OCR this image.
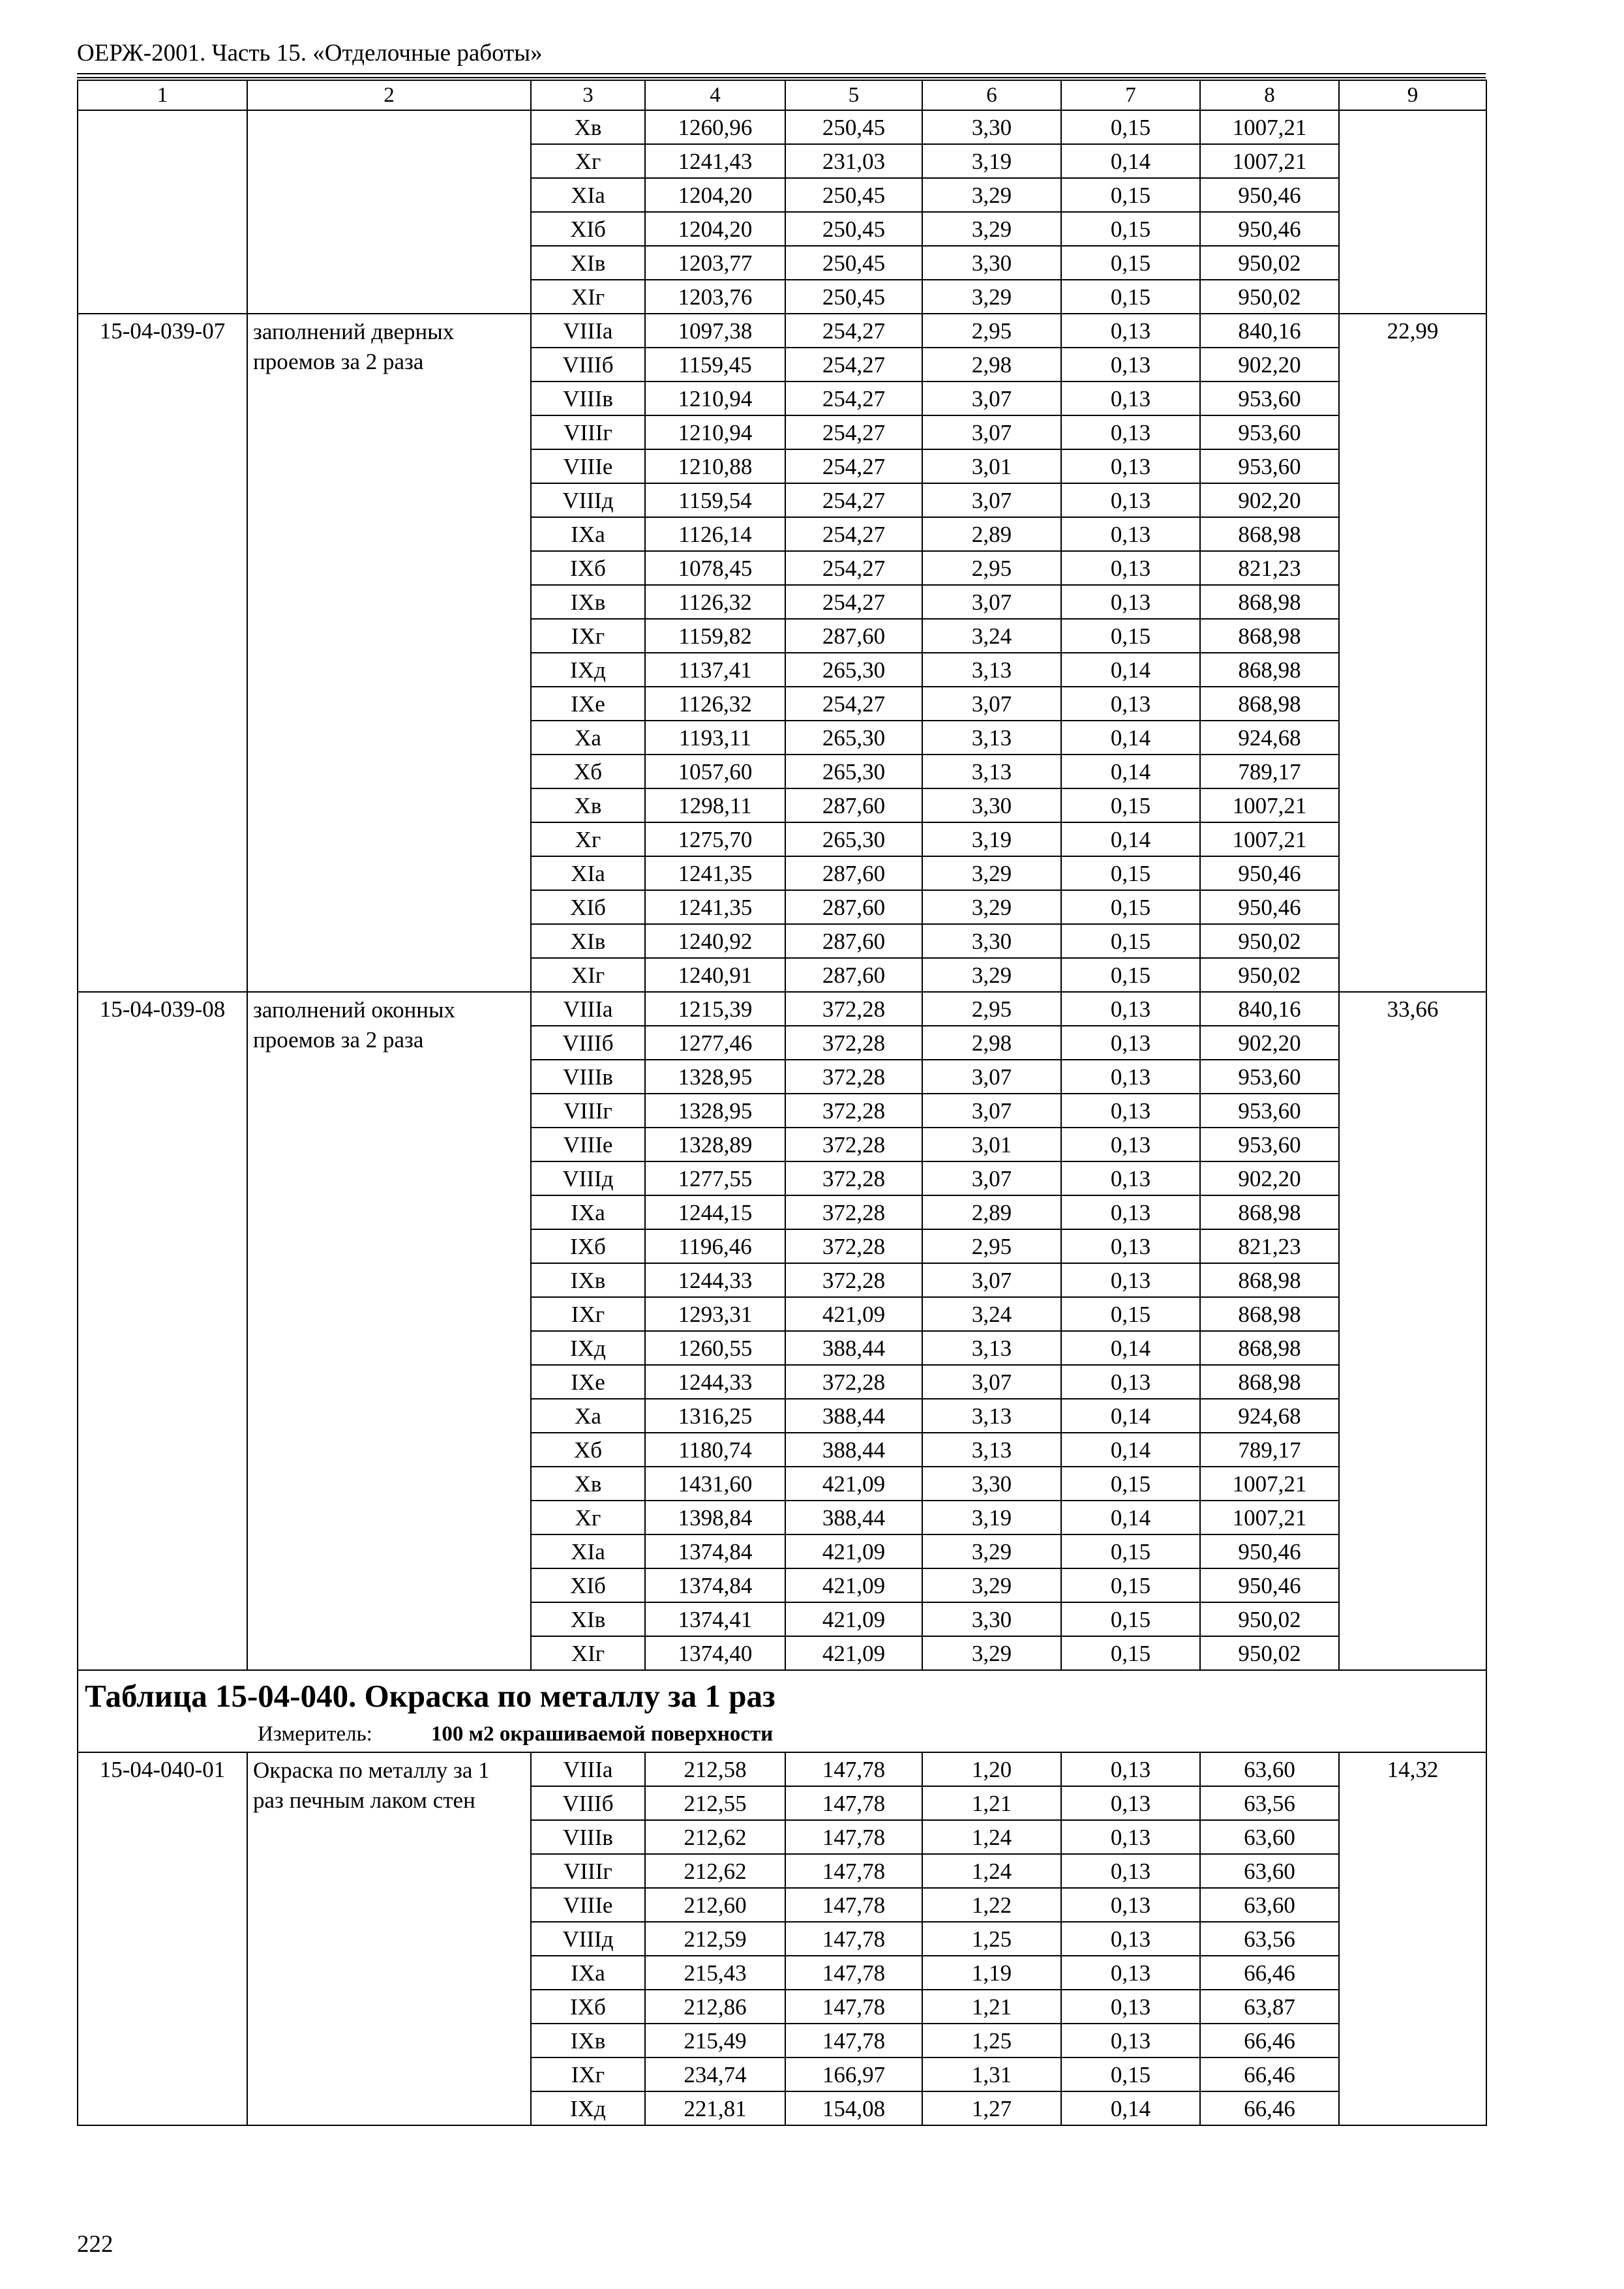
ОЕРЖ-2001. Часть 15. «Отделочные работы»
1	2	3	4	5	6	7	8	9
		Хв	1260,96	250,45	3,30	0,15	1007,21	
		Хг	1241,43	231,03	3,19	0,14	1007,21	
		ХIа	1204,20	250,45	3,29	0,15	950,46	
		ХIб	1204,20	250,45	3,29	0,15	950,46	
		ХIв	1203,77	250,45	3,30	0,15	950,02	
		ХIг	1203,76	250,45	3,29	0,15	950,02	
15-04-039-07	заполнений дверных проемов за 2 раза	VIIIа	1097,38	254,27	2,95	0,13	840,16	22,99
		VIIIб	1159,45	254,27	2,98	0,13	902,20	
		VIIIв	1210,94	254,27	3,07	0,13	953,60	
		VIIIг	1210,94	254,27	3,07	0,13	953,60	
		VIIIе	1210,88	254,27	3,01	0,13	953,60	
		VIIIд	1159,54	254,27	3,07	0,13	902,20	
		IХа	1126,14	254,27	2,89	0,13	868,98	
		IХб	1078,45	254,27	2,95	0,13	821,23	
		IХв	1126,32	254,27	3,07	0,13	868,98	
		IХг	1159,82	287,60	3,24	0,15	868,98	
		IХд	1137,41	265,30	3,13	0,14	868,98	
		IХе	1126,32	254,27	3,07	0,13	868,98	
		Ха	1193,11	265,30	3,13	0,14	924,68	
		Хб	1057,60	265,30	3,13	0,14	789,17	
		Хв	1298,11	287,60	3,30	0,15	1007,21	
		Хг	1275,70	265,30	3,19	0,14	1007,21	
		ХIа	1241,35	287,60	3,29	0,15	950,46	
		ХIб	1241,35	287,60	3,29	0,15	950,46	
		ХIв	1240,92	287,60	3,30	0,15	950,02	
		ХIг	1240,91	287,60	3,29	0,15	950,02	
15-04-039-08	заполнений оконных проемов за 2 раза	VIIIа	1215,39	372,28	2,95	0,13	840,16	33,66
		VIIIб	1277,46	372,28	2,98	0,13	902,20	
		VIIIв	1328,95	372,28	3,07	0,13	953,60	
		VIIIг	1328,95	372,28	3,07	0,13	953,60	
		VIIIе	1328,89	372,28	3,01	0,13	953,60	
		VIIIд	1277,55	372,28	3,07	0,13	902,20	
		IХа	1244,15	372,28	2,89	0,13	868,98	
		IХб	1196,46	372,28	2,95	0,13	821,23	
		IХв	1244,33	372,28	3,07	0,13	868,98	
		IХг	1293,31	421,09	3,24	0,15	868,98	
		IХд	1260,55	388,44	3,13	0,14	868,98	
		IХе	1244,33	372,28	3,07	0,13	868,98	
		Ха	1316,25	388,44	3,13	0,14	924,68	
		Хб	1180,74	388,44	3,13	0,14	789,17	
		Хв	1431,60	421,09	3,30	0,15	1007,21	
		Хг	1398,84	388,44	3,19	0,14	1007,21	
		ХIа	1374,84	421,09	3,29	0,15	950,46	
		ХIб	1374,84	421,09	3,29	0,15	950,46	
		ХIв	1374,41	421,09	3,30	0,15	950,02	
		ХIг	1374,40	421,09	3,29	0,15	950,02	

Таблица 15-04-040. Окраска по металлу за 1 раз
Измеритель: 100 м2 окрашиваемой поверхности								

15-04-040-01	Окраска по металлу за 1 раз печным лаком стен	VIIIа	212,58	147,78	1,20	0,13	63,60	14,32
		VIIIб	212,55	147,78	1,21	0,13	63,56	
		VIIIв	212,62	147,78	1,24	0,13	63,60	
		VIIIг	212,62	147,78	1,24	0,13	63,60	
		VIIIе	212,60	147,78	1,22	0,13	63,60	
		VIIIд	212,59	147,78	1,25	0,13	63,56	
		IХа	215,43	147,78	1,19	0,13	66,46	
		IХб	212,86	147,78	1,21	0,13	63,87	
		IХв	215,49	147,78	1,25	0,13	66,46	
		IХг	234,74	166,97	1,31	0,15	66,46	
		IХд	221,81	154,08	1,27	0,14	66,46	
222
